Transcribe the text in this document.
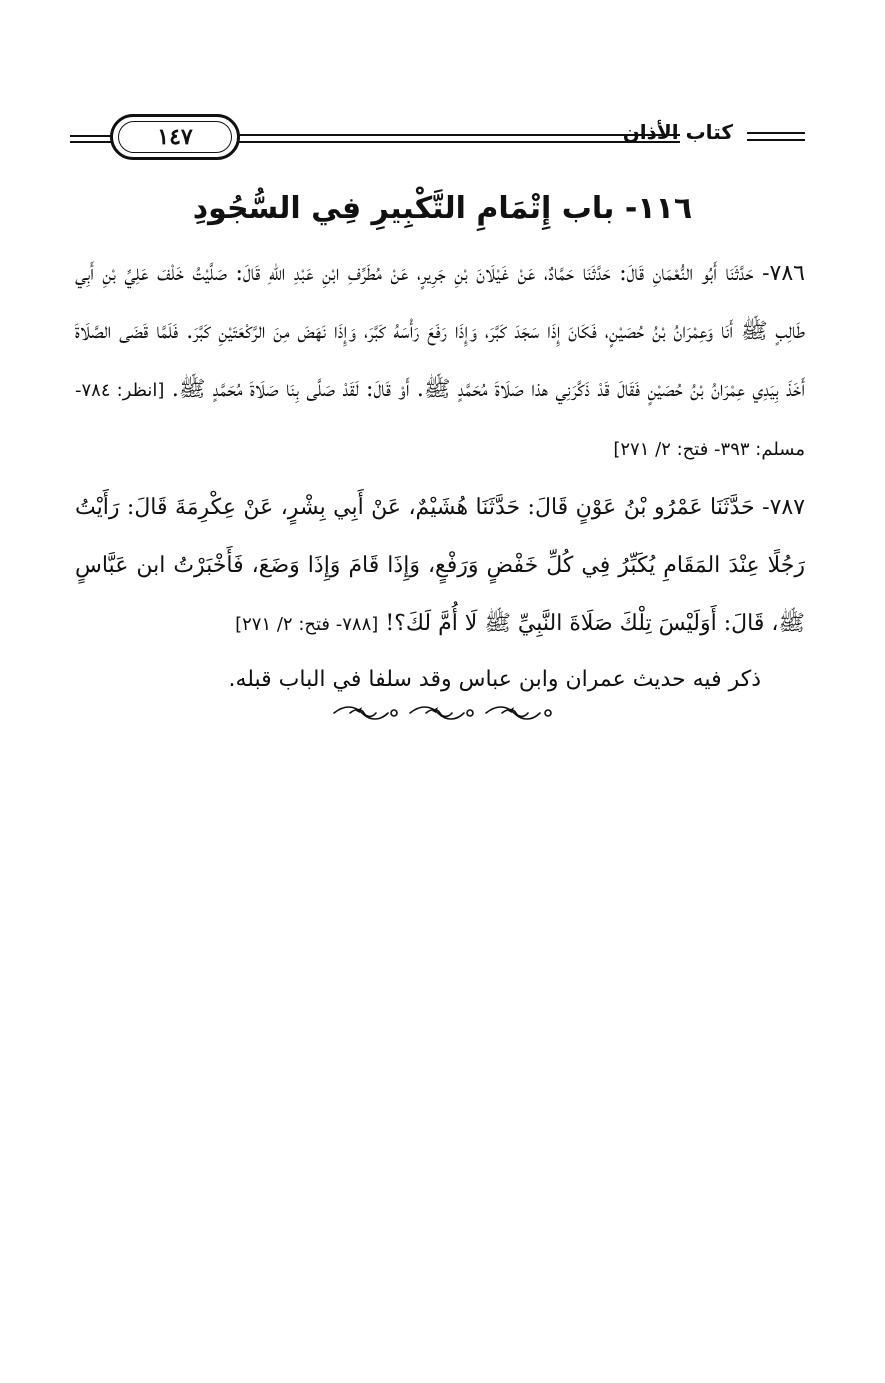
١٤٧	كتاب الأذان
١١٦- باب إِتْمَامِ التَّكْبِيرِ فِي السُّجُودِ

٧٨٦- حَدَّثَنَا أَبُو النُّعْمَانِ قَالَ: حَدَّثَنَا حَمَّادٌ، عَنْ غَيْلَانَ بْنِ جَرِيرٍ، عَنْ مُطَرِّفِ ابْنِ عَبْدِ اللهِ قَالَ: صَلَّيْتُ خَلْفَ عَلِيِّ بْنِ أَبِي طَالِبٍ ﷺ أَنَا وَعِمْرَانُ بْنُ حُصَيْنٍ، فَكَانَ إِذَا سَجَدَ كَبَّرَ، وَإِذَا رَفَعَ رَأْسَهُ كَبَّرَ، وَإِذَا نَهَضَ مِنَ الرَّكْعَتَيْنِ كَبَّرَ. فَلَمَّا قَضَى الصَّلَاةَ أَخَذَ بِيَدِي عِمْرَانُ بْنُ حُصَيْنٍ فَقَالَ قَدْ ذَكَّرَنِي هذا صَلَاةَ مُحَمَّدٍ ﷺ. أَوْ قَالَ: لَقَدْ صَلَّى بِنَا صَلَاةَ مُحَمَّدٍ ﷺ. [انظر: ٧٨٤- مسلم: ٣٩٣- فتح: ٢/ ٢٧١]

٧٨٧- حَدَّثَنَا عَمْرُو بْنُ عَوْنٍ قَالَ: حَدَّثَنَا هُشَيْمٌ، عَنْ أَبِي بِشْرٍ، عَنْ عِكْرِمَةَ قَالَ: رَأَيْتُ رَجُلًا عِنْدَ المَقَامِ يُكَبِّرُ فِي كُلِّ خَفْضٍ وَرَفْعٍ، وَإِذَا قَامَ وَإِذَا وَضَعَ، فَأَخْبَرْتُ ابن عَبَّاسٍ ﷺ، قَالَ: أَوَلَيْسَ تِلْكَ صَلَاةَ النَّبِيِّ ﷺ لَا أُمَّ لَكَ؟! [٧٨٨- فتح: ٢/ ٢٧١]

ذكر فيه حديث عمران وابن عباس وقد سلفا في الباب قبله.
